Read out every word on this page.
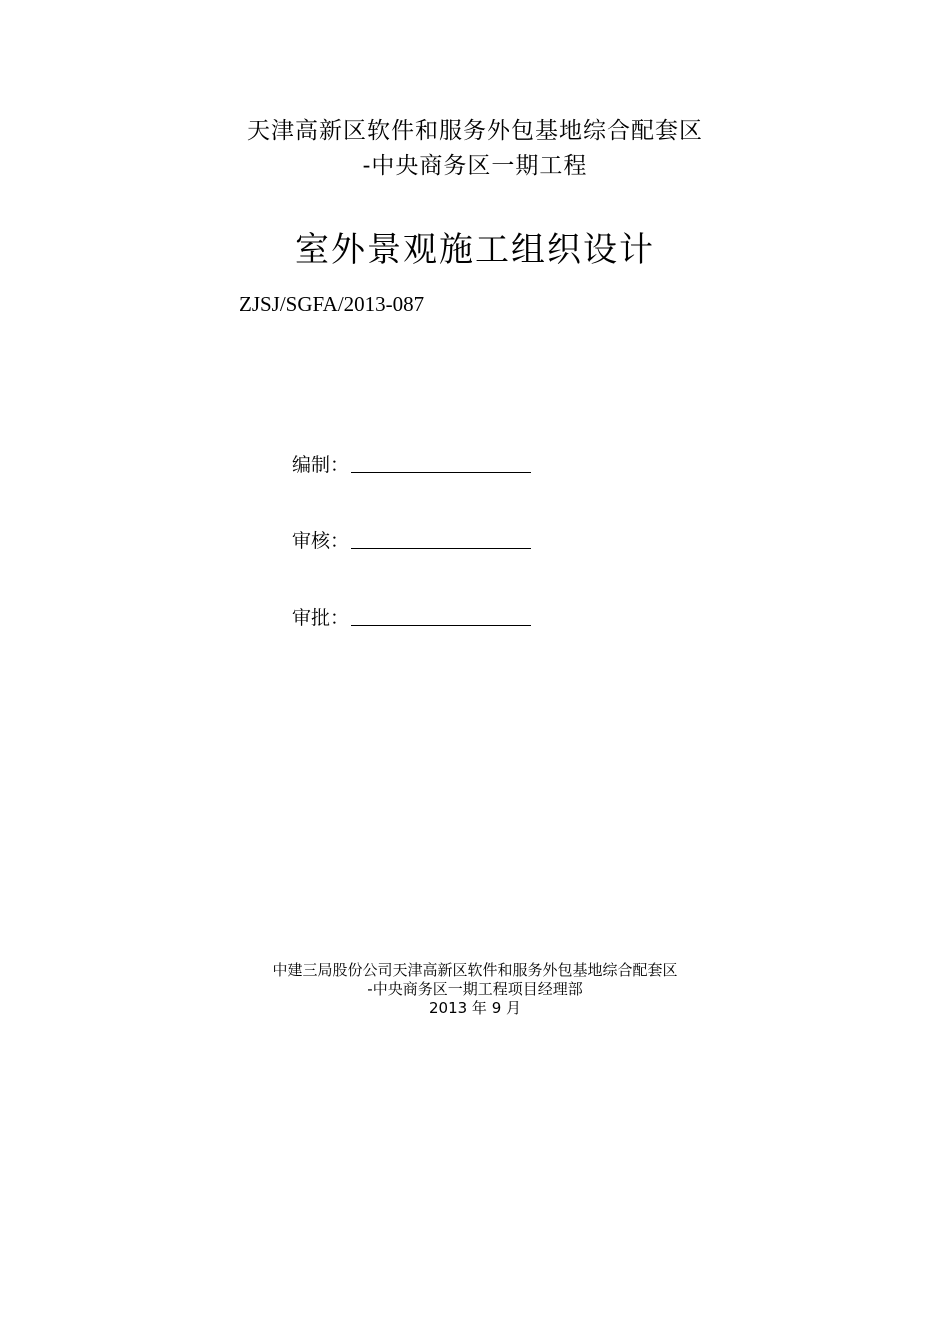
天津高新区软件和服务外包基地综合配套区
-中央商务区一期工程
室外景观施工组织设计
ZJSJ/SGFA/2013-087
编制：
审核：
审批：
中建三局股份公司天津高新区软件和服务外包基地综合配套区
-中央商务区一期工程项目经理部
2013 年 9 月
